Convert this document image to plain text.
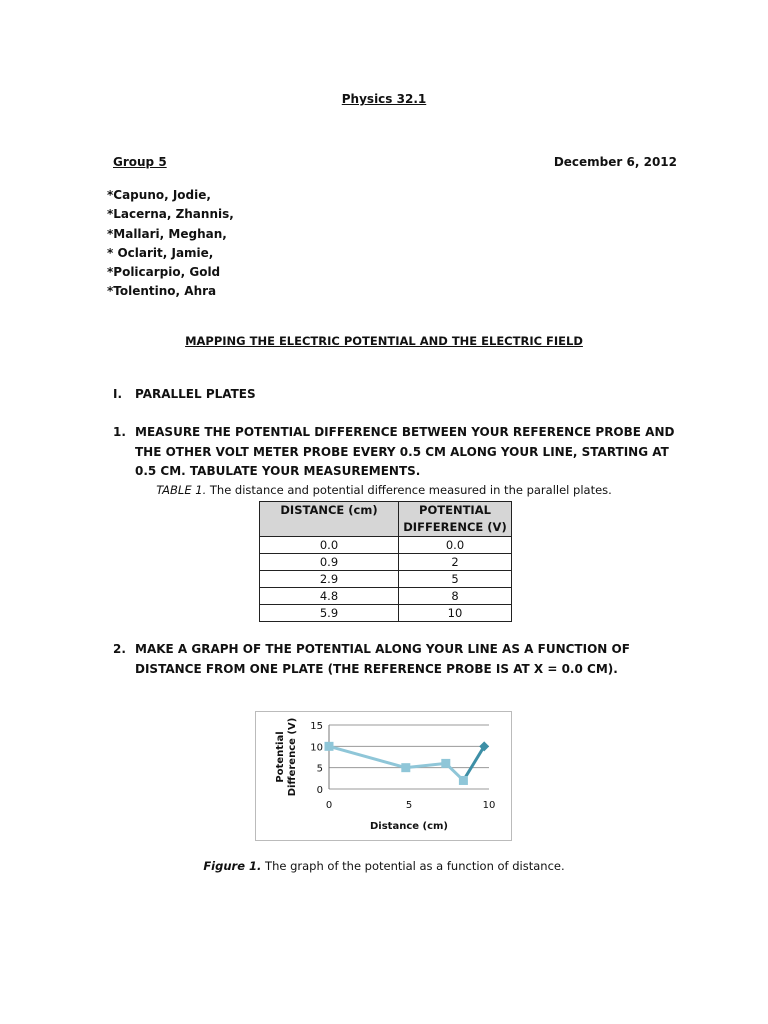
Physics 32.1
Group 5	December 6, 2012
*Capuno, Jodie,
*Lacerna, Zhannis,
*Mallari, Meghan,
* Oclarit, Jamie,
*Policarpio, Gold
*Tolentino, Ahra
MAPPING THE ELECTRIC POTENTIAL AND THE ELECTRIC FIELD
I. PARALLEL PLATES
1. MEASURE THE POTENTIAL DIFFERENCE BETWEEN YOUR REFERENCE PROBE AND THE OTHER VOLT METER PROBE EVERY 0.5 CM ALONG YOUR LINE, STARTING AT 0.5 CM. TABULATE YOUR MEASUREMENTS.
TABLE 1. The distance and potential difference measured in the parallel plates.
DISTANCE (cm)	POTENTIAL DIFFERENCE (V)
0.0	0.0
0.9	2
2.9	5
4.8	8
5.9	10
2. MAKE A GRAPH OF THE POTENTIAL ALONG YOUR LINE AS A FUNCTION OF DISTANCE FROM ONE PLATE (THE REFERENCE PROBE IS AT X = 0.0 CM).
0
5
10
15
0	5	10
Distance (cm)
PotentialDifference (V)
Figure 1. The graph of the potential as a function of distance.
